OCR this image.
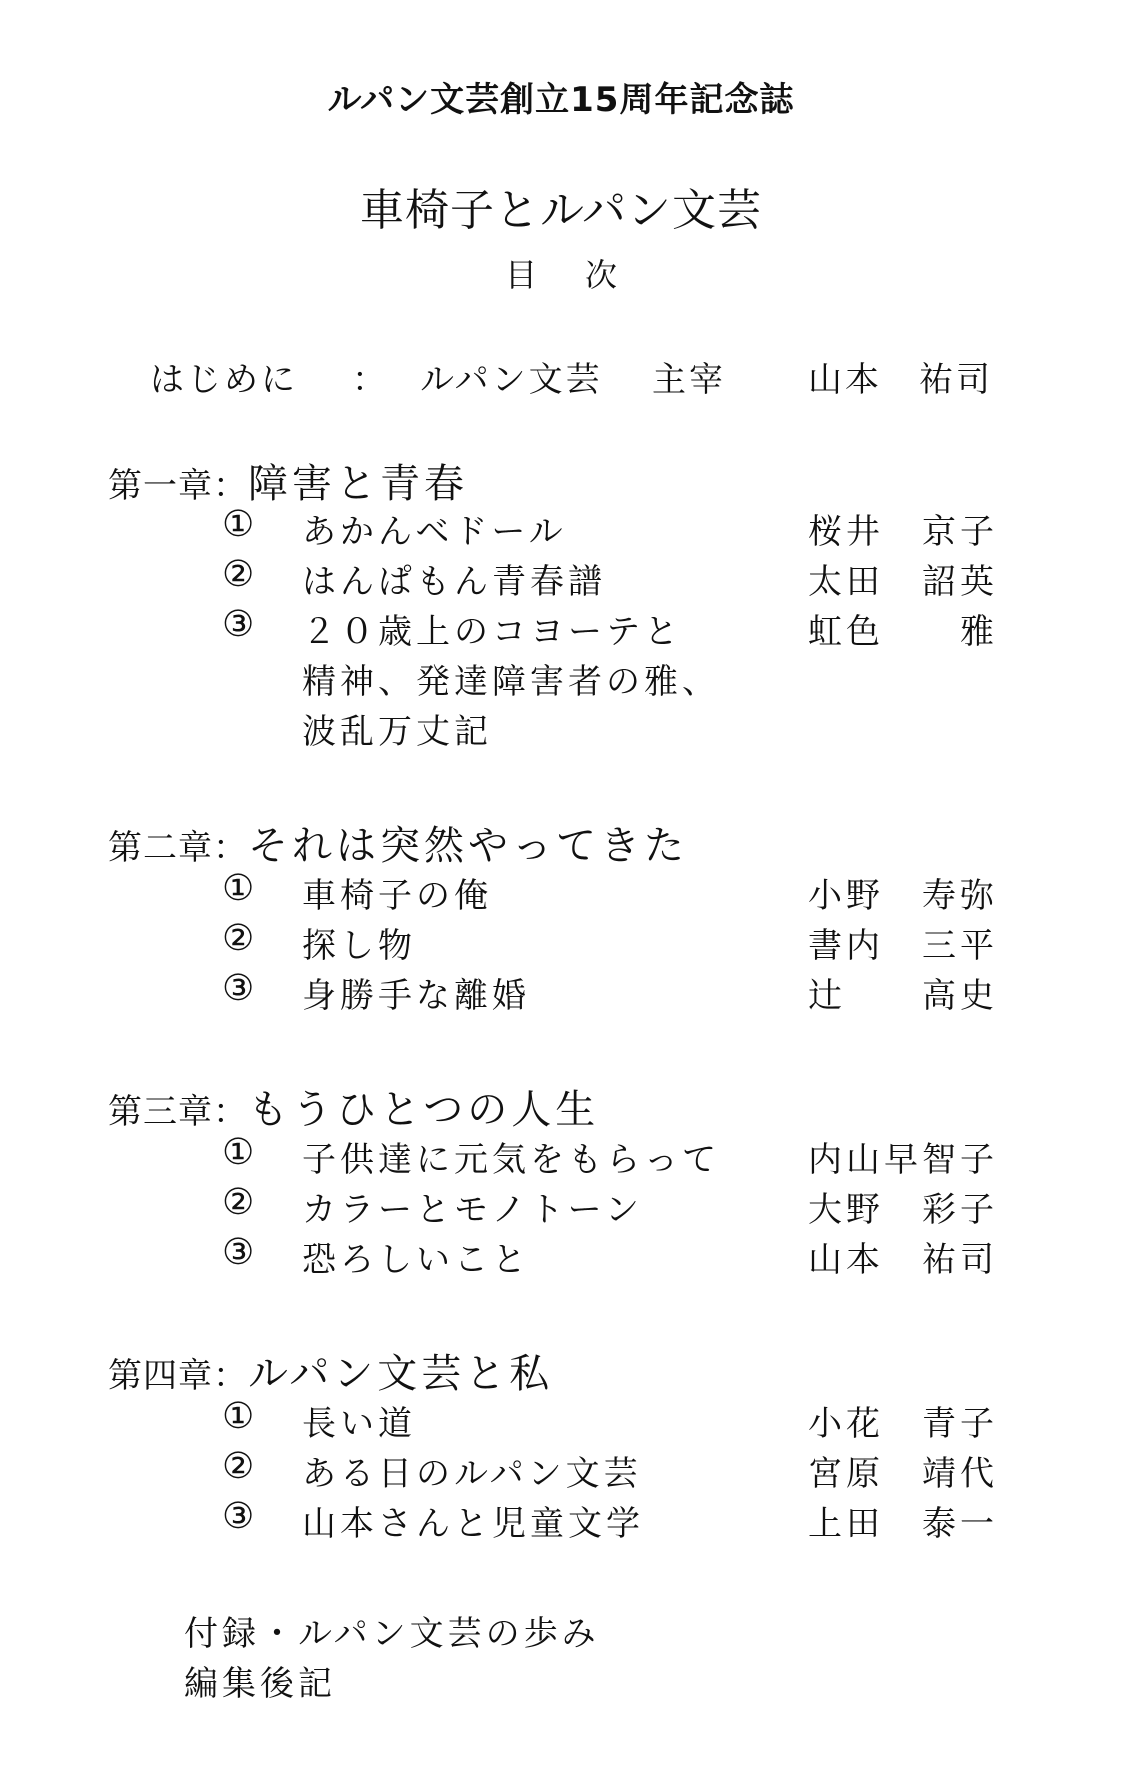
ルパン文芸創立15周年記念誌
車椅子とルパン文芸
目次
はじめに ： ルパン文芸 主宰 山本　祐司
第一章：障害と青春
① あかんベドール	桜井　京子
② はんぱもん青春譜	太田　詔英
③ ２０歳上のコヨーテと	虹色　　雅
精神、発達障害者の雅、
波乱万丈記
第二章：それは突然やってきた
① 車椅子の俺	小野　寿弥
② 探し物	書内　三平
③ 身勝手な離婚	辻　　高史
第三章：もうひとつの人生
① 子供達に元気をもらって	内山早智子
② カラーとモノトーン	大野　彩子
③ 恐ろしいこと	山本　祐司
第四章：ルパン文芸と私
① 長い道	小花　青子
② ある日のルパン文芸	宮原　靖代
③ 山本さんと児童文学	上田　泰一
付録・ルパン文芸の歩み
編集後記
